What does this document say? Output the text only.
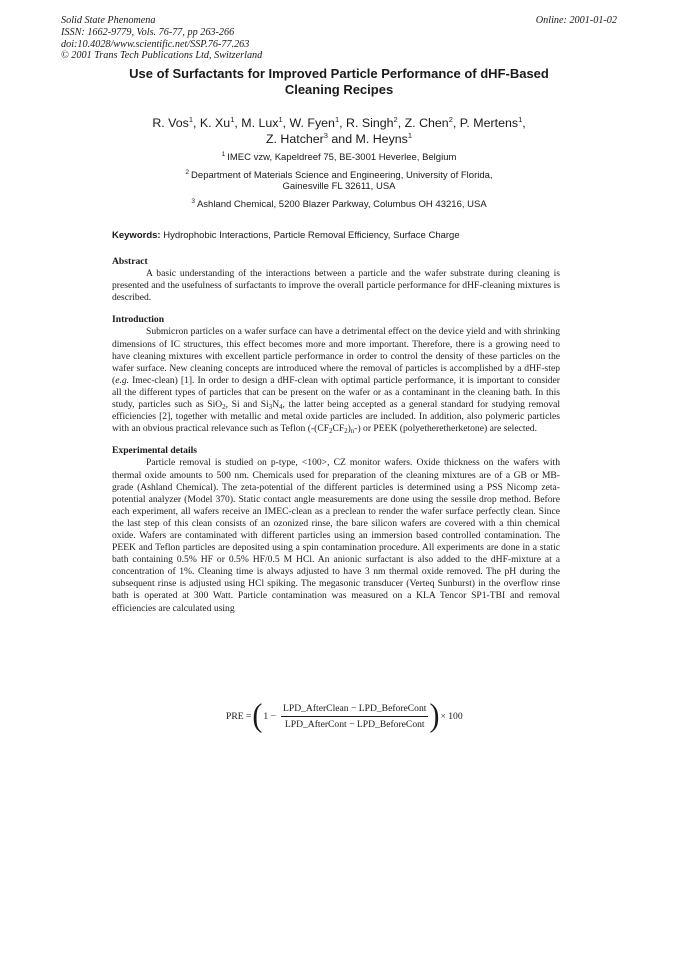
Solid State Phenomena
ISSN: 1662-9779, Vols. 76-77, pp 263-266
doi:10.4028/www.scientific.net/SSP.76-77.263
© 2001 Trans Tech Publications Ltd, Switzerland
Online: 2001-01-02
Use of Surfactants for Improved Particle Performance of dHF-Based
Cleaning Recipes
R. Vos$^1$, K. Xu$^1$, M. Lux$^1$, W. Fyen$^1$, R. Singh$^2$, Z. Chen$^2$, P. Mertens$^1$,
Z. Hatcher$^3$ and M. Heyns$^1$
$^1$ IMEC vzw, Kapeldreef 75, BE-3001 Heverlee, Belgium
$^2$ Department of Materials Science and Engineering, University of Florida,
Gainesville FL 32611, USA
$^3$ Ashland Chemical, 5200 Blazer Parkway, Columbus OH 43216, USA
Keywords: Hydrophobic Interactions, Particle Removal Efficiency, Surface Charge
Abstract

A basic understanding of the interactions between a particle and the wafer substrate during cleaning is presented and the usefulness of surfactants to improve the overall particle performance for dHF-cleaning mixtures is described.

Introduction

Submicron particles on a wafer surface can have a detrimental effect on the device yield and with shrinking dimensions of IC structures, this effect becomes more and more important. Therefore, there is a growing need to have cleaning mixtures with excellent particle performance in order to control the density of these particles on the wafer surface. New cleaning concepts are introduced where the removal of particles is accomplished by a dHF-step (e.g. Imec-clean) [1]. In order to design a dHF-clean with optimal particle performance, it is important to consider all the different types of particles that can be present on the wafer or as a contaminant in the cleaning bath. In this study, particles such as SiO$_2$, Si and $Si_3N_4$, the latter being accepted as a general standard for studying removal efficiencies [2], together with metallic and metal oxide particles are included. In addition, also polymeric particles with an obvious practical relevance such as Teflon $(-(CF_2CF_2)_n-)$ or PEEK (polyetheretherketone) are selected.

Experimental details

Particle removal is studied on p-type, <100>, CZ monitor wafers. Oxide thickness on the wafers with thermal oxide amounts to 500 nm. Chemicals used for preparation of the cleaning mixtures are of a GB or MB-grade (Ashland Chemical). The zeta-potential of the different particles is determined using a PSS Nicomp zeta-potential analyzer (Model 370). Static contact angle measurements are done using the sessile drop method. Before each experiment, all wafers receive an IMEC-clean as a preclean to render the wafer surface perfectly clean. Since the last step of this clean consists of an ozonized rinse, the bare silicon wafers are covered with a thin chemical oxide. Wafers are contaminated with different particles using an immersion based controlled contamination. The PEEK and Teflon particles are deposited using a spin contamination procedure. All experiments are done in a static bath containing 0.5% HF or 0.5% HF/0.5 M HCl. An anionic surfactant is also added to the dHF-mixture at a concentration of 1%. Cleaning time is always adjusted to have 3 nm thermal oxide removed. The pH during the subsequent rinse is adjusted using HCl spiking. The megasonic transducer (Verteq Sunburst) in the overflow rinse bath is operated at 300 Watt. Particle contamination was measured on a KLA Tencor SP1-TBI and removal efficiencies are calculated using

PRE = ( $1 - \frac{\text{LPD\_AfterClean − LPD\_BeforeCont}}{\text{LPD\_AfterCont − LPD\_BeforeCont}}$ ) × 100
